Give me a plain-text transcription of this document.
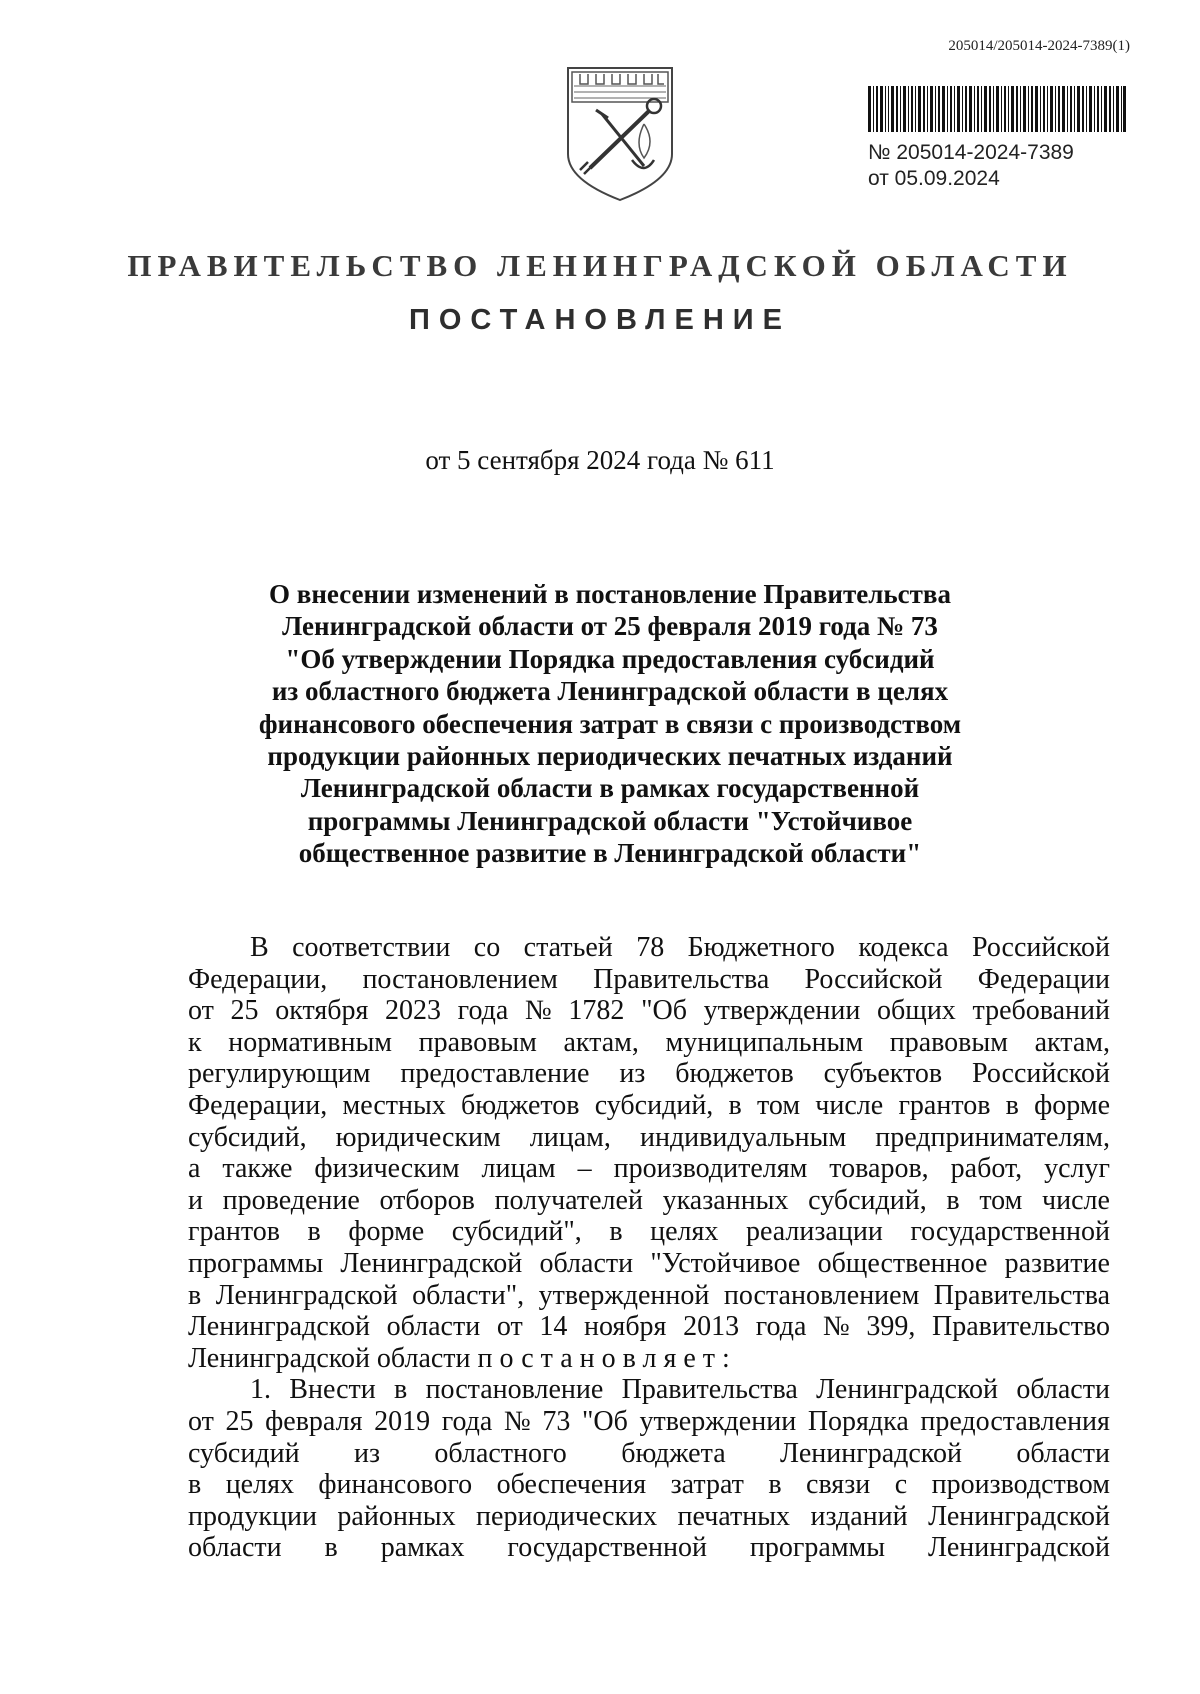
205014/205014-2024-7389(1)
№ 205014-2024-7389
от 05.09.2024
ПРАВИТЕЛЬСТВО ЛЕНИНГРАДСКОЙ ОБЛАСТИ
ПОСТАНОВЛЕНИЕ
от 5 сентября 2024 года № 611
О внесении изменений в постановление Правительства
Ленинградской области от 25 февраля 2019 года № 73
"Об утверждении Порядка предоставления субсидий
из областного бюджета Ленинградской области в целях
финансового обеспечения затрат в связи с производством
продукции районных периодических печатных изданий
Ленинградской области в рамках государственной
программы Ленинградской области "Устойчивое
общественное развитие в Ленинградской области"
В соответствии со статьей 78 Бюджетного кодекса Российской
Федерации, постановлением Правительства Российской Федерации
от 25 октября 2023 года № 1782 "Об утверждении общих требований
к нормативным правовым актам, муниципальным правовым актам,
регулирующим предоставление из бюджетов субъектов Российской
Федерации, местных бюджетов субсидий, в том числе грантов в форме
субсидий, юридическим лицам, индивидуальным предпринимателям,
а также физическим лицам – производителям товаров, работ, услуг
и проведение отборов получателей указанных субсидий, в том числе
грантов в форме субсидий", в целях реализации государственной
программы Ленинградской области "Устойчивое общественное развитие
в Ленинградской области", утвержденной постановлением Правительства
Ленинградской области от 14 ноября 2013 года № 399, Правительство
Ленинградской области
постановляет:
1. Внести в постановление Правительства Ленинградской области
от 25 февраля 2019 года № 73 "Об утверждении Порядка предоставления
субсидий из областного бюджета Ленинградской области
в целях финансового обеспечения затрат в связи с производством
продукции районных периодических печатных изданий Ленинградской
области в рамках государственной программы Ленинградской
